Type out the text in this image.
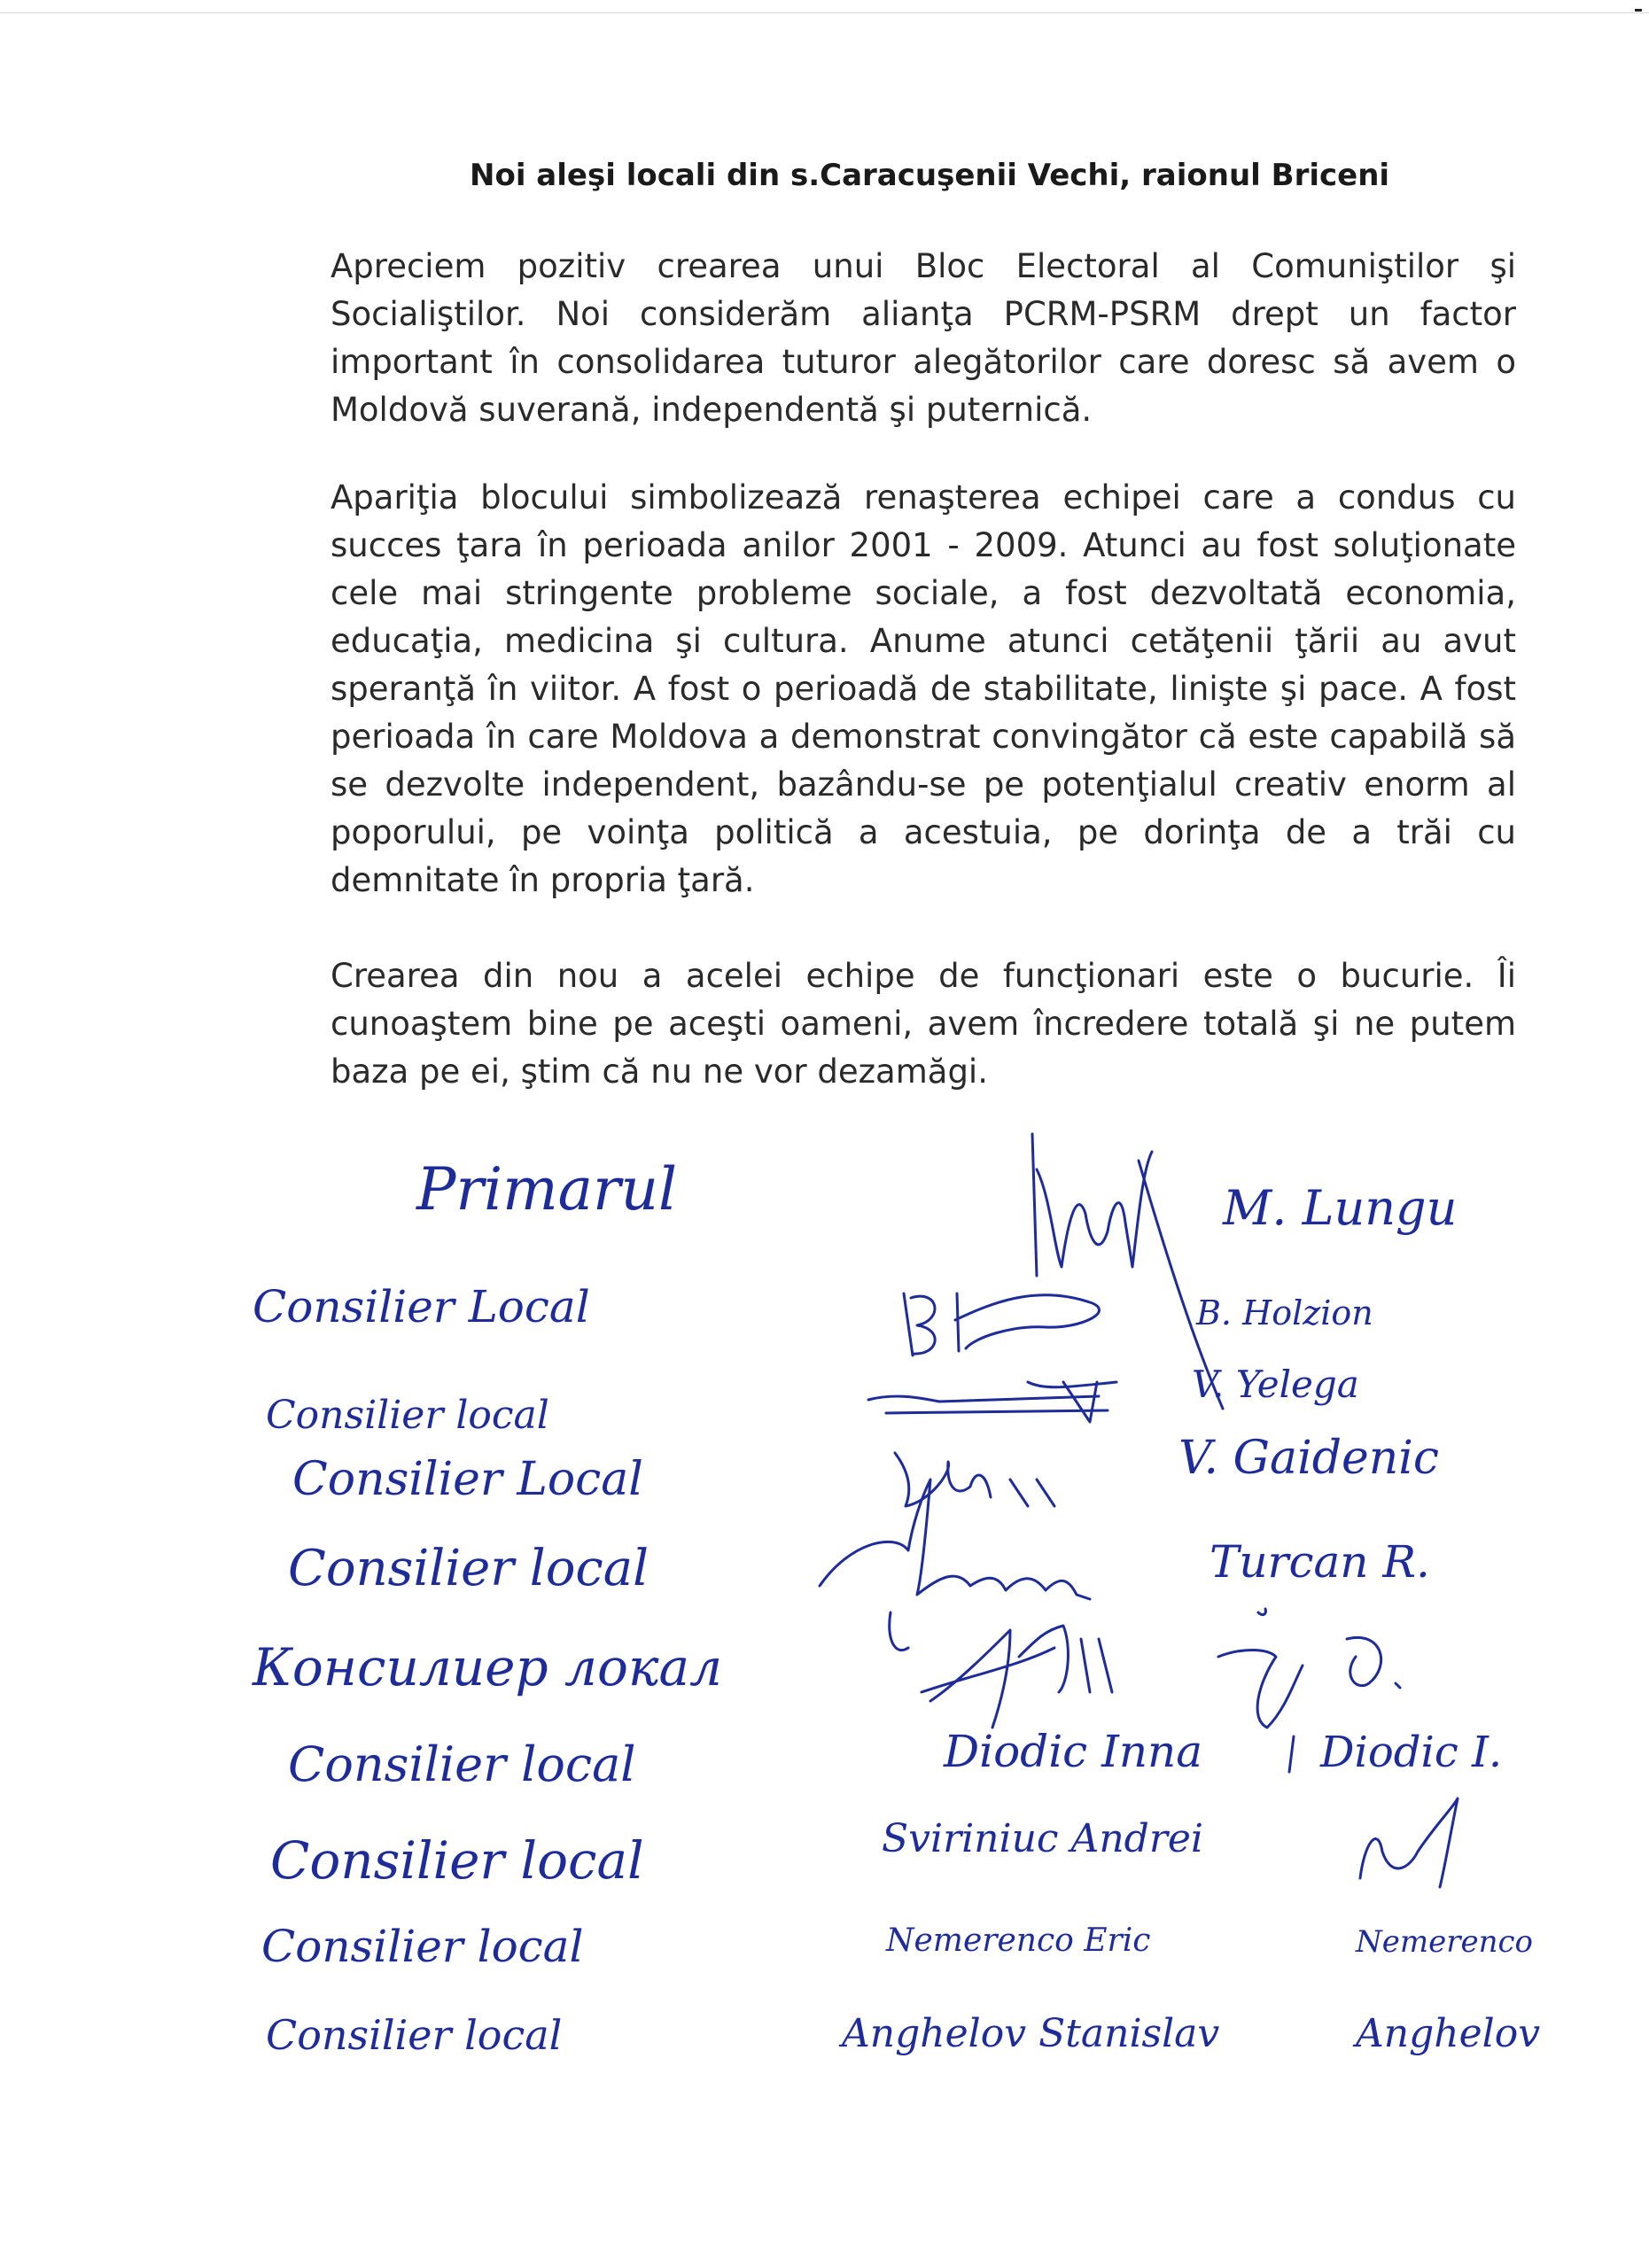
Noi aleşi locali din s.Caracuşenii Vechi, raionul Briceni
Apreciem pozitiv crearea unui Bloc Electoral al Comuniştilor şi Socialiştilor. Noi considerăm alianţa PCRM-PSRM drept un factor important în consolidarea tuturor alegătorilor care doresc să avem o Moldovă suverană, independentă şi puternică.
Apariţia blocului simbolizează renaşterea echipei care a condus cu succes ţara în perioada anilor 2001 - 2009. Atunci au fost soluţionate cele mai stringente probleme sociale, a fost dezvoltată economia, educaţia, medicina şi cultura. Anume atunci cetăţenii ţării au avut speranţă în viitor. A fost o perioadă de stabilitate, linişte şi pace. A fost perioada în care Moldova a demonstrat convingător că este capabilă să se dezvolte independent, bazându-se pe potenţialul creativ enorm al poporului, pe voinţa politică a acestuia, pe dorinţa de a trăi cu demnitate în propria ţară.
Crearea din nou a acelei echipe de funcţionari este o bucurie. Îi cunoaştem bine pe aceşti oameni, avem încredere totală şi ne putem baza pe ei, ştim că nu ne vor dezamăgi.
Primarul
Consilier Local
Consilier local
Consilier Local
Consilier local
Консилиер локал
Consilier local
Consilier local
Consilier local
Consilier local
M. Lungu
B. Holzion
V. Yelega
V. Gaidenic
Turcan R.
Diodic Inna
Sviriniuc Andrei
Nemerenco Eric
Anghelov Stanislav
Diodic I.
Nemerenco
Anghelov
